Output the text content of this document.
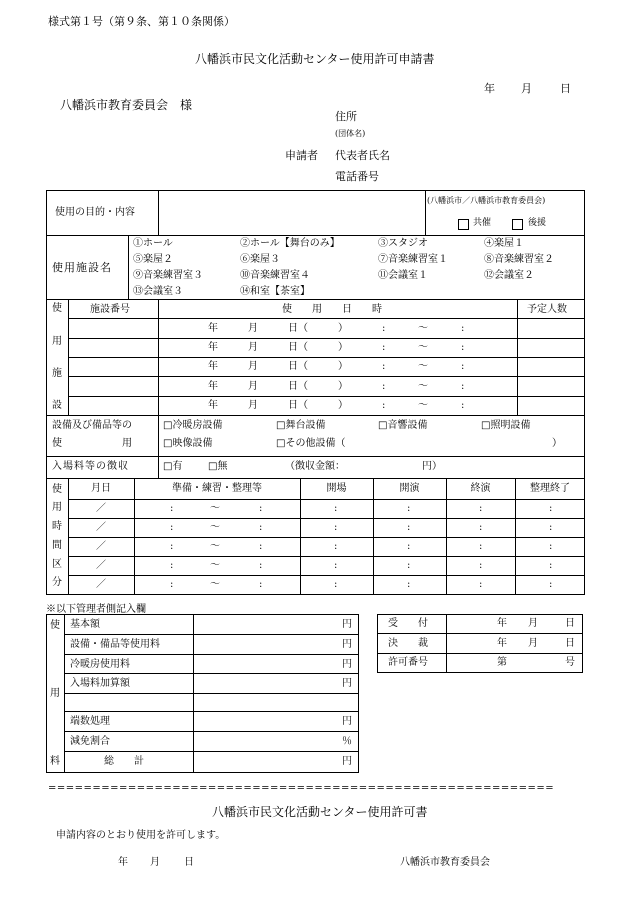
様式第１号（第９条、第１０条関係）
八幡浜市民文化活動センター使用許可申請書
年 月	日
八幡浜市教育委員会　様
住所
(団体名)
申請者 代表者氏名
電話番号
使用の目的・内容
(八幡浜市／八幡浜市教育委員会)
共催	後援
使用施設名
①ホール	②ホール【舞台のみ】	③スタジオ	④楽屋１
⑤楽屋２	⑥楽屋３	⑦音楽練習室１	⑧音楽練習室２
⑨音楽練習室３	⑩音楽練習室４	⑪会議室１	⑫会議室２
⑬会議室３	⑭和室【茶室】
使
用
施
設
施設番号	使　　用　　日　　時	予定人数
年	月	日（	）	:	～	:
年	月	日（	）	:	～	:
年	月	日（	）	:	～	:
年	月	日（	）	:	～	:
年	月	日（	）	:	～	:
設備及び備品等の
使　　　　　　用
□冷暖房設備	□舞台設備	□音響設備	□照明設備
□映像設備	□その他設備（	）
入場料等の徴収	□有	□無	（徴収金額：	円）
使
用
時
間
区
分
月日	準備・練習・整理等	開場	開演	終演	整理終了
／	:	～	:	:	:	:	:
／	:	～	:	:	:	:	:
／	:	～	:	:	:	:	:
／	:	～	:	:	:	:	:
／	:	～	:	:	:	:	:
※以下管理者側記入欄
使
用
料
基本額	円
設備・備品等使用料	円
冷暖房使用料	円
入場料加算額	円
端数処理	円
減免割合	％
総　　計	円
受　　付	年 月	日
決　　裁	年 月	日
許可番号	第	号
=========================================================
八幡浜市民文化活動センター使用許可書
申請内容のとおり使用を許可します。
年 月 日	八幡浜市教育委員会
